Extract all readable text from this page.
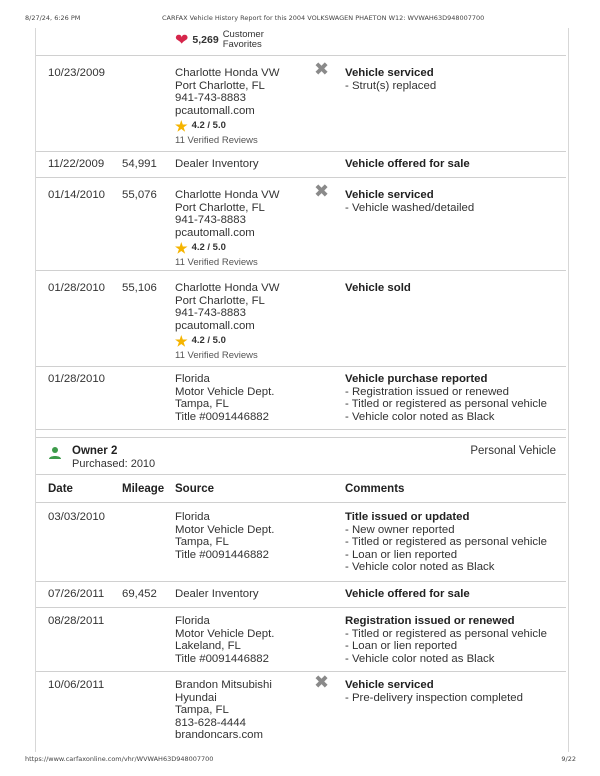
8/27/24, 6:26 PM	CARFAX Vehicle History Report for this 2004 VOLKSWAGEN PHAETON W12: WVWAH63D948007700
❤ 5,269 Customer
Favorites
10/23/2009	Charlotte Honda VW
Port Charlotte, FL
941-743-8883
pcautomall.com
★ 4.2 / 5.0
11 Verified Reviews
✖ Vehicle serviced
- Strut(s) replaced
11/22/2009 54,991 Dealer Inventory	Vehicle offered for sale
01/14/2010 55,076 Charlotte Honda VW
Port Charlotte, FL
941-743-8883
pcautomall.com
★ 4.2 / 5.0
11 Verified Reviews
✖ Vehicle serviced
- Vehicle washed/detailed
01/28/2010 55,106 Charlotte Honda VW
Port Charlotte, FL
941-743-8883
pcautomall.com
★ 4.2 / 5.0
11 Verified Reviews
Vehicle sold
01/28/2010	Florida
Motor Vehicle Dept.
Tampa, FL
Title #0091446882
Vehicle purchase reported
- Registration issued or renewed
- Titled or registered as personal vehicle
- Vehicle color noted as Black
Owner 2
Purchased: 2010
Personal Vehicle
Date	Mileage Source	Comments
03/03/2010	Florida
Motor Vehicle Dept.
Tampa, FL
Title #0091446882
Title issued or updated
- New owner reported
- Titled or registered as personal vehicle
- Loan or lien reported
- Vehicle color noted as Black
07/26/2011 69,452 Dealer Inventory	Vehicle offered for sale
08/28/2011	Florida
Motor Vehicle Dept.
Lakeland, FL
Title #0091446882
Registration issued or renewed
- Titled or registered as personal vehicle
- Loan or lien reported
- Vehicle color noted as Black
10/06/2011	Brandon Mitsubishi
Hyundai
Tampa, FL
813-628-4444
brandoncars.com
✖ Vehicle serviced
- Pre-delivery inspection completed
https://www.carfaxonline.com/vhr/WVWAH63D948007700	9/22
